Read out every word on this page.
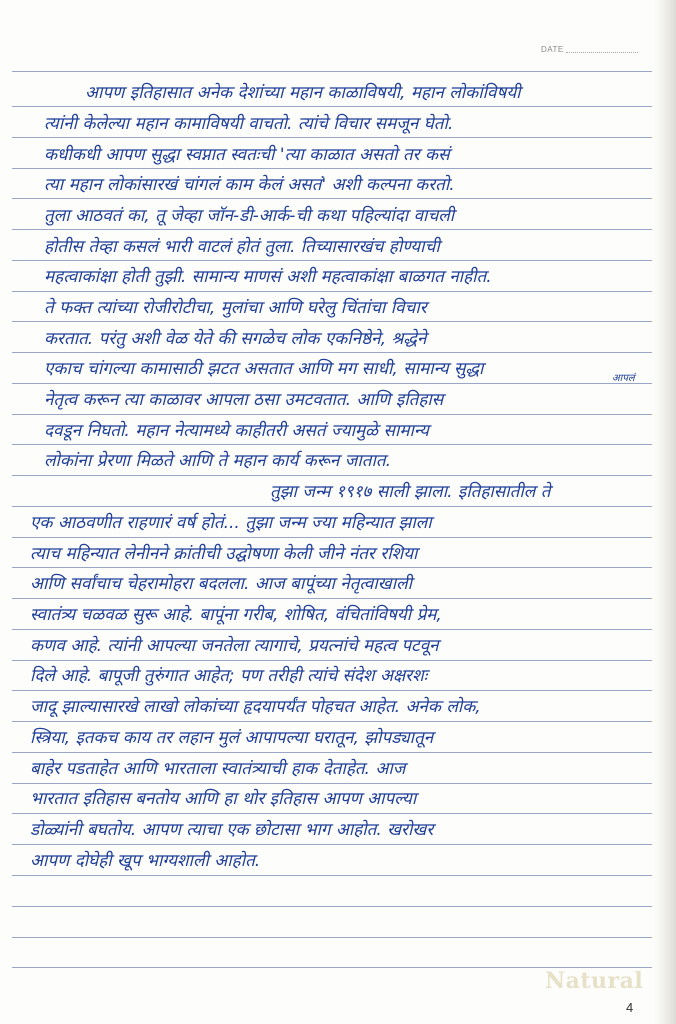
DATE
आपण इतिहासात अनेक देशांच्या महान काळाविषयी, महान लोकांविषयी
त्यांनी केलेल्या महान कामाविषयी वाचतो. त्यांचे विचार समजून घेतो.
कधीकधी आपण सुद्धा स्वप्नात स्वतःची 'त्या काळात असतो तर कसं
त्या महान लोकांसारखं चांगलं काम केलं असतं' अशी कल्पना करतो.
तुला आठवतं का, तू जेव्हा जॉन-डी-आर्क-ची कथा पहिल्यांदा वाचली
होतीस तेव्हा कसलं भारी वाटलं होतं तुला. तिच्यासारखंच होण्याची
महत्वाकांक्षा होती तुझी. सामान्य माणसं अशी महत्वाकांक्षा बाळगत नाहीत.
ते फक्त त्यांच्या रोजीरोटीचा, मुलांचा आणि घरेलु चिंतांचा विचार
करतात. परंतु अशी वेळ येते की सगळेच लोक एकनिष्ठेने, श्रद्धेने
एकाच चांगल्या कामासाठी झटत असतात आणि मग साधी, सामान्य सुद्धा
नेतृत्व करून त्या काळावर आपला ठसा उमटवतात. आणि इतिहास
दवडून निघतो. महान नेत्यामध्ये काहीतरी असतं ज्यामुळे सामान्य
लोकांना प्रेरणा मिळते आणि ते महान कार्य करून जातात.
आपलं
तुझा जन्म १९१७ साली झाला. इतिहासातील ते
एक आठवणीत राहणारं वर्ष होतं... तुझा जन्म ज्या महिन्यात झाला
त्याच महिन्यात लेनीनने क्रांतीची उद्घोषणा केली जीने नंतर रशिया
आणि सर्वांचाच चेहरामोहरा बदलला. आज बापूंच्या नेतृत्वाखाली
स्वातंत्र्य चळवळ सुरू आहे. बापूंना गरीब, शोषित, वंचितांविषयी प्रेम,
कणव आहे. त्यांनी आपल्या जनतेला त्यागाचे, प्रयत्नांचे महत्व पटवून
दिले आहे. बापूजी तुरुंगात आहेत; पण तरीही त्यांचे संदेश अक्षरशः
जादू झाल्यासारखे लाखो लोकांच्या हृदयापर्यंत पोहचत आहेत. अनेक लोक,
स्त्रिया, इतकच काय तर लहान मुलं आपापल्या घरातून, झोपड्यातून
बाहेर पडताहेत आणि भारताला स्वातंत्र्याची हाक देताहेत. आज
भारतात इतिहास बनतोय आणि हा थोर इतिहास आपण आपल्या
डोळ्यांनी बघतोय. आपण त्याचा एक छोटासा भाग आहोत. खरोखर
आपण दोघेही खूप भाग्यशाली आहोत.
Natural
4
